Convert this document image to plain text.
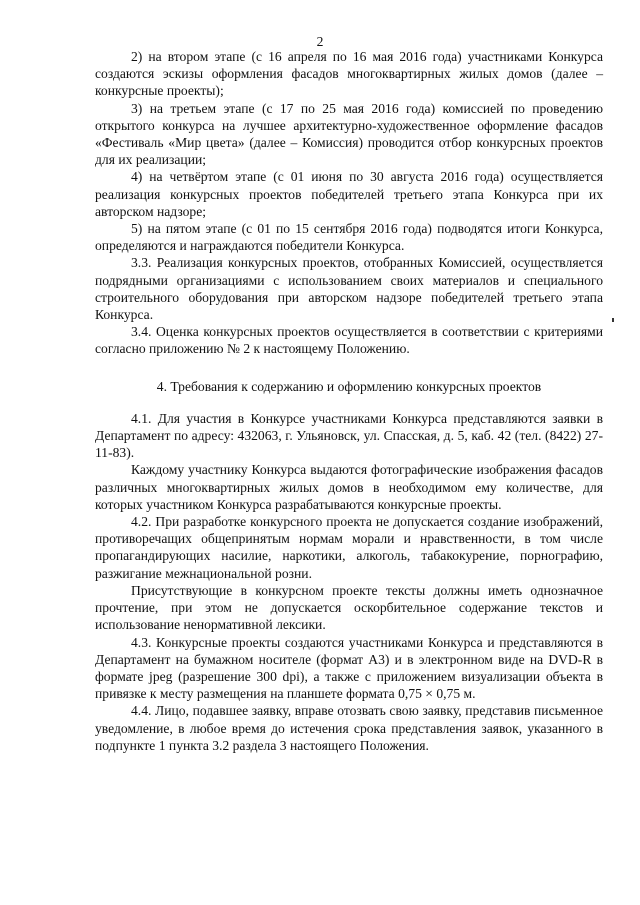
2

2) на втором этапе (с 16 апреля по 16 мая 2016 года) участниками Конкурса создаются эскизы оформления фасадов многоквартирных жилых домов (далее – конкурсные проекты);

3) на третьем этапе (с 17 по 25 мая 2016 года) комиссией по проведению открытого конкурса на лучшее архитектурно-художественное оформление фасадов «Фестиваль «Мир цвета» (далее – Комиссия) проводится отбор конкурсных проектов для их реализации;

4) на четвёртом этапе (с 01 июня по 30 августа 2016 года) осуществляется реализация конкурсных проектов победителей третьего этапа Конкурса при их авторском надзоре;

5) на пятом этапе (с 01 по 15 сентября 2016 года) подводятся итоги Конкурса, определяются и награждаются победители Конкурса.

3.3. Реализация конкурсных проектов, отобранных Комиссией, осуществляется подрядными организациями с использованием своих материалов и специального строительного оборудования при авторском надзоре победителей третьего этапа Конкурса.

3.4. Оценка конкурсных проектов осуществляется в соответствии с критериями согласно приложению № 2 к настоящему Положению.

4. Требования к содержанию и оформлению конкурсных проектов

4.1. Для участия в Конкурсе участниками Конкурса представляются заявки в Департамент по адресу: 432063, г. Ульяновск, ул. Спасская, д. 5, каб. 42 (тел. (8422) 27-11-83).

Каждому участнику Конкурса выдаются фотографические изображения фасадов различных многоквартирных жилых домов в необходимом ему количестве, для которых участником Конкурса разрабатываются конкурсные проекты.

4.2. При разработке конкурсного проекта не допускается создание изображений, противоречащих общепринятым нормам морали и нравственности, в том числе пропагандирующих насилие, наркотики, алкоголь, табакокурение, порнографию, разжигание межнациональной розни.

Присутствующие в конкурсном проекте тексты должны иметь однозначное прочтение, при этом не допускается оскорбительное содержание текстов и использование ненормативной лексики.

4.3. Конкурсные проекты создаются участниками Конкурса и представляются в Департамент на бумажном носителе (формат А3) и в электронном виде на DVD-R в формате jpeg (разрешение 300 dpi), а также с приложением визуализации объекта в привязке к месту размещения на планшете формата 0,75 × 0,75 м.

4.4. Лицо, подавшее заявку, вправе отозвать свою заявку, представив письменное уведомление, в любое время до истечения срока представления заявок, указанного в подпункте 1 пункта 3.2 раздела 3 настоящего Положения.
